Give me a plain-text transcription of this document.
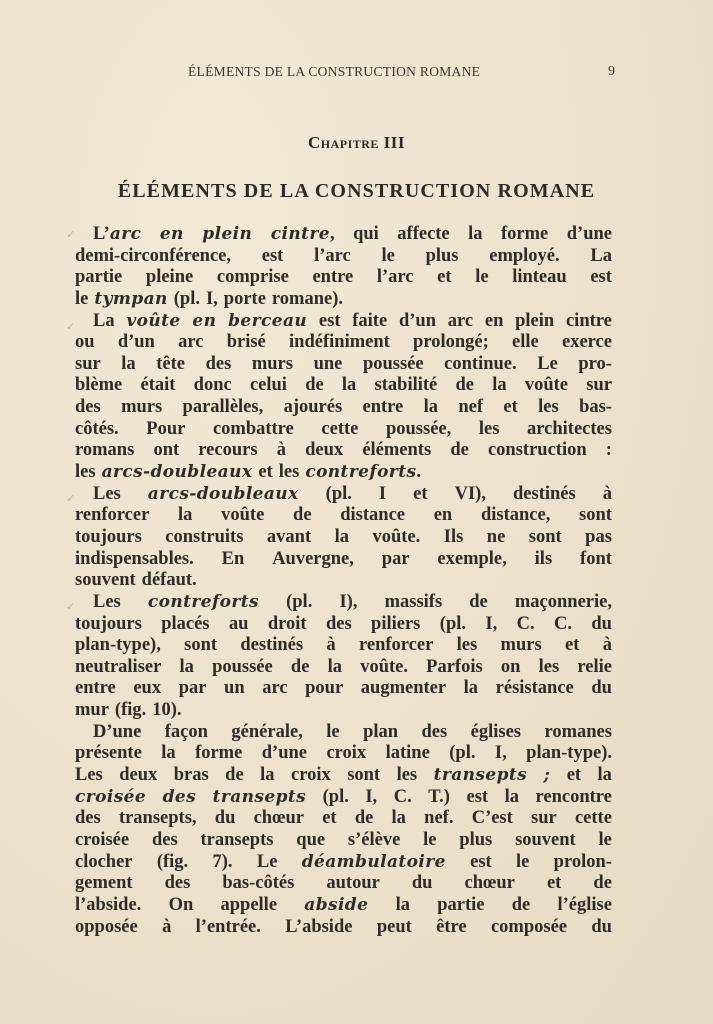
ÉLÉMENTS DE LA CONSTRUCTION ROMANE	9
Chapitre III
ÉLÉMENTS DE LA CONSTRUCTION ROMANE
✓
✓
✓
✓
L’arc en plein cintre, qui affecte la forme d’une
demi-circonférence, est l’arc le plus employé. La
partie pleine comprise entre l’arc et le linteau est
le tympan (pl. I, porte romane).
La voûte en berceau est faite d’un arc en plein cintre
ou d’un arc brisé indéfiniment prolongé; elle exerce
sur la tête des murs une poussée continue. Le pro-
blème était donc celui de la stabilité de la voûte sur
des murs parallèles, ajourés entre la nef et les bas-
côtés. Pour combattre cette poussée, les architectes
romans ont recours à deux éléments de construction :
les arcs-doubleaux et les contreforts.
Les arcs-doubleaux (pl. I et VI), destinés à
renforcer la voûte de distance en distance, sont
toujours construits avant la voûte. Ils ne sont pas
indispensables. En Auvergne, par exemple, ils font
souvent défaut.
Les contreforts (pl. I), massifs de maçonnerie,
toujours placés au droit des piliers (pl. I, C. C. du
plan-type), sont destinés à renforcer les murs et à
neutraliser la poussée de la voûte. Parfois on les relie
entre eux par un arc pour augmenter la résistance du
mur (fig. 10).
D’une façon générale, le plan des églises romanes
présente la forme d’une croix latine (pl. I, plan-type).
Les deux bras de la croix sont les transepts ; et la
croisée des transepts (pl. I, C. T.) est la rencontre
des transepts, du chœur et de la nef. C’est sur cette
croisée des transepts que s’élève le plus souvent le
clocher (fig. 7). Le déambulatoire est le prolon-
gement des bas-côtés autour du chœur et de
l’abside. On appelle abside la partie de l’église
opposée à l’entrée. L’abside peut être composée du
